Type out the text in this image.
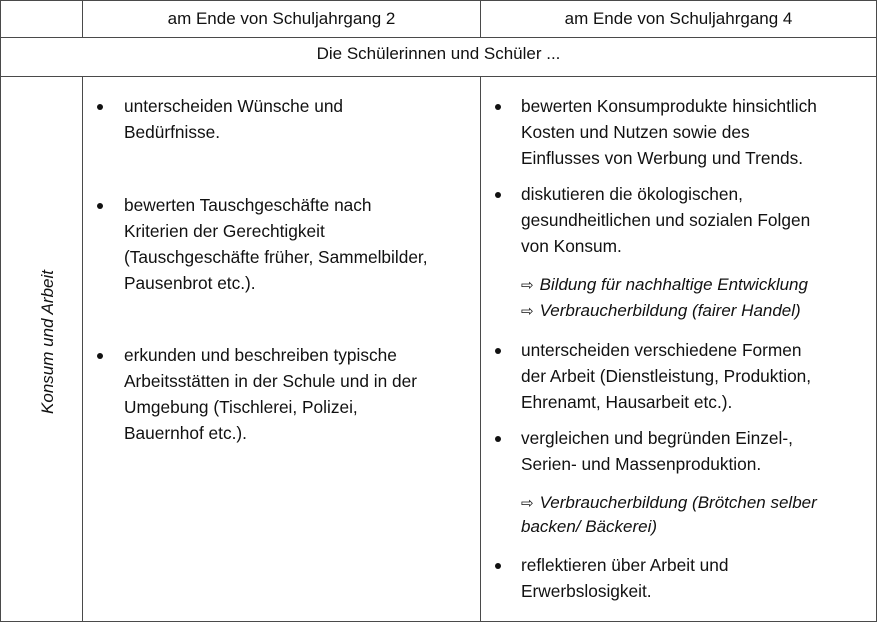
am Ende von Schuljahrgang 2	am Ende von Schuljahrgang 4
Die Schülerinnen und Schüler ...
Konsum und Arbeit
unterscheiden Wünsche und
Bedürfnisse.
bewerten Tauschgeschäfte nach
Kriterien der Gerechtigkeit
(Tauschgeschäfte früher, Sammelbilder,
Pausenbrot etc.).
erkunden und beschreiben typische
Arbeitsstätten in der Schule und in der
Umgebung (Tischlerei, Polizei,
Bauernhof etc.).
bewerten Konsumprodukte hinsichtlich
Kosten und Nutzen sowie des
Einflusses von Werbung und Trends.
diskutieren die ökologischen,
gesundheitlichen und sozialen Folgen
von Konsum.
⇨ Bildung für nachhaltige Entwicklung
⇨ Verbraucherbildung (fairer Handel)
unterscheiden verschiedene Formen
der Arbeit (Dienstleistung, Produktion,
Ehrenamt, Hausarbeit etc.).
vergleichen und begründen Einzel-,
Serien- und Massenproduktion.
⇨ Verbraucherbildung (Brötchen selber
backen/ Bäckerei)
reflektieren über Arbeit und
Erwerbslosigkeit.
